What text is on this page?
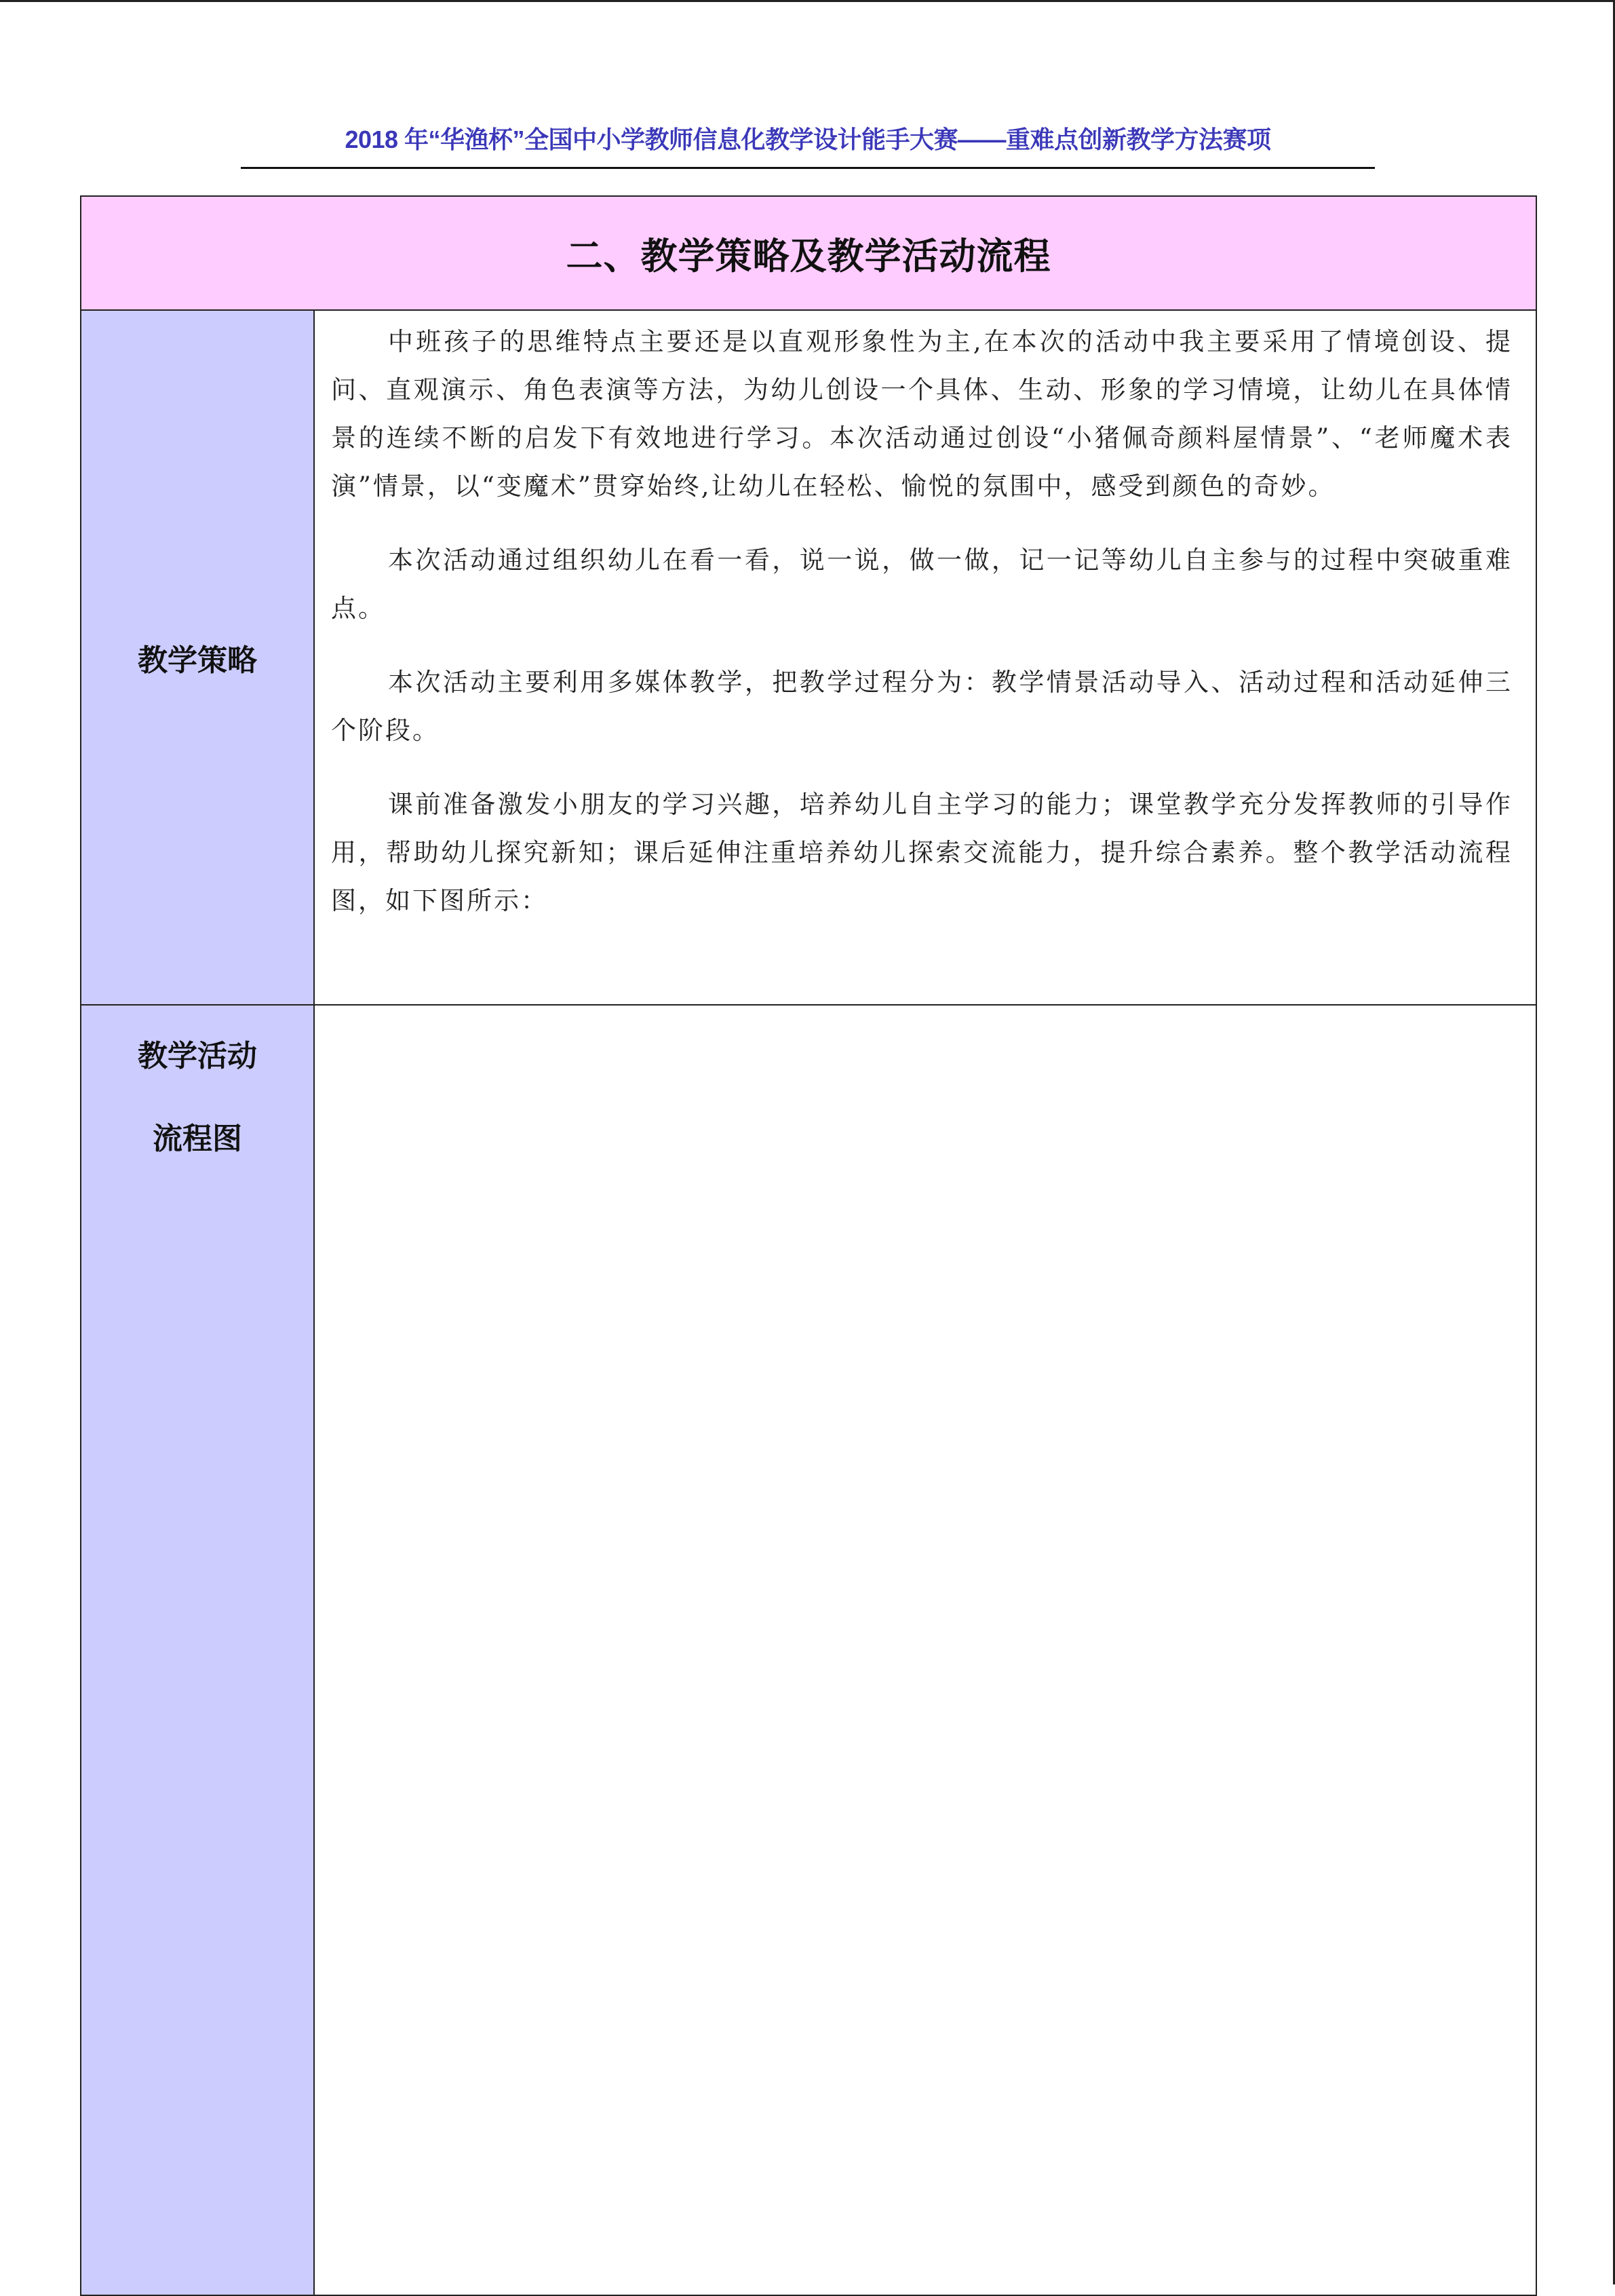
2018 年“华渔杯”全国中小学教师信息化教学设计能手大赛——重难点创新教学方法赛项
二、教学策略及教学活动流程	
教学策略	中班孩子的思维特点主要还是以直观形象性为主,在本次的活动中我主要采用了情境创设、提问、直观演示、角色表演等方法，为幼儿创设一个具体、生动、形象的学习情境，让幼儿在具体情景的连续不断的启发下有效地进行学习。本次活动通过创设“小猪佩奇颜料屋情景”、“老师魔术表演”情景，以“变魔术”贯穿始终,让幼儿在轻松、愉悦的氛围中，感受到颜色的奇妙。

本次活动通过组织幼儿在看一看，说一说，做一做，记一记等幼儿自主参与的过程中突破重难点。

本次活动主要利用多媒体教学，把教学过程分为：教学情景活动导入、活动过程和活动延伸三个阶段。

课前准备激发小朋友的学习兴趣，培养幼儿自主学习的能力；课堂教学充分发挥教师的引导作用，帮助幼儿探究新知；课后延伸注重培养幼儿探索交流能力，提升综合素养。整个教学活动流程图，如下图所示：

教学活动
流程图	
